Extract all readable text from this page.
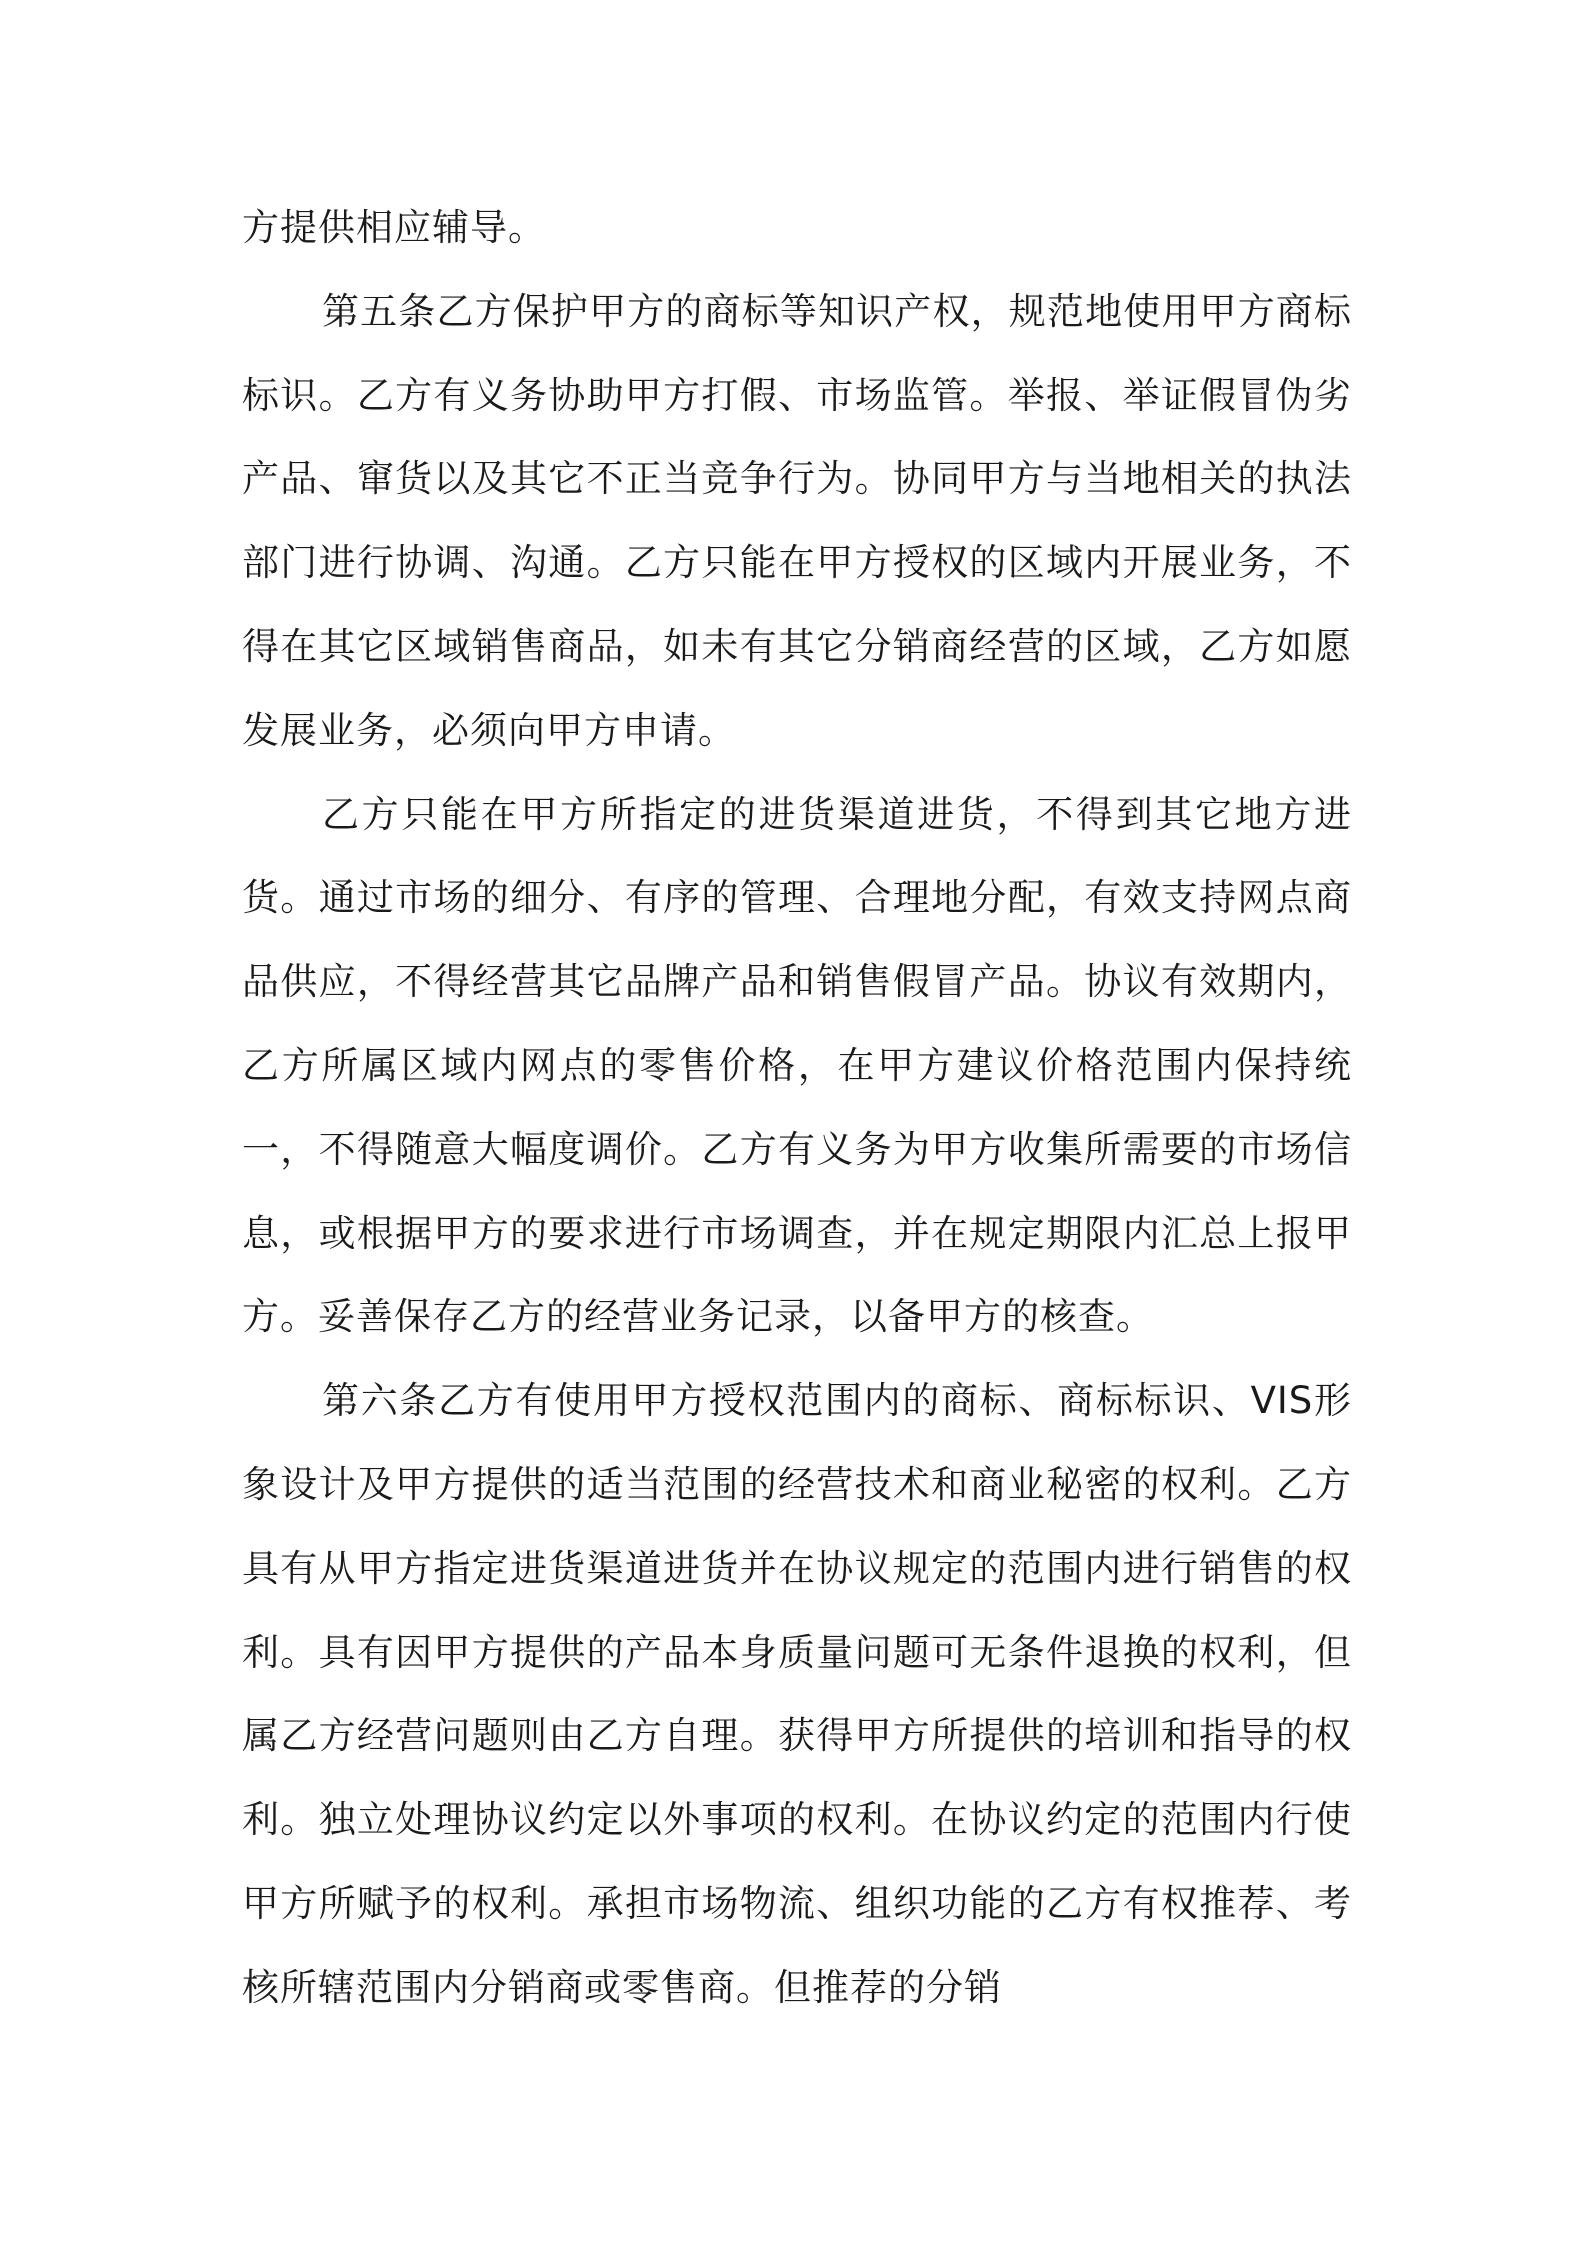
方提供相应辅导。

第五条乙方保护甲方的商标等知识产权，规范地使用甲方商标标识。乙方有义务协助甲方打假、市场监管。举报、举证假冒伪劣产品、窜货以及其它不正当竞争行为。协同甲方与当地相关的执法部门进行协调、沟通。乙方只能在甲方授权的区域内开展业务，不得在其它区域销售商品，如未有其它分销商经营的区域，乙方如愿发展业务，必须向甲方申请。

乙方只能在甲方所指定的进货渠道进货，不得到其它地方进货。通过市场的细分、有序的管理、合理地分配，有效支持网点商品供应，不得经营其它品牌产品和销售假冒产品。协议有效期内，乙方所属区域内网点的零售价格，在甲方建议价格范围内保持统一，不得随意大幅度调价。乙方有义务为甲方收集所需要的市场信息，或根据甲方的要求进行市场调查，并在规定期限内汇总上报甲方。妥善保存乙方的经营业务记录，以备甲方的核查。

第六条乙方有使用甲方授权范围内的商标、商标标识、VIS形象设计及甲方提供的适当范围的经营技术和商业秘密的权利。乙方具有从甲方指定进货渠道进货并在协议规定的范围内进行销售的权利。具有因甲方提供的产品本身质量问题可无条件退换的权利，但属乙方经营问题则由乙方自理。获得甲方所提供的培训和指导的权利。独立处理协议约定以外事项的权利。在协议约定的范围内行使甲方所赋予的权利。承担市场物流、组织功能的乙方有权推荐、考核所辖范围内分销商或零售商。但推荐的分销
